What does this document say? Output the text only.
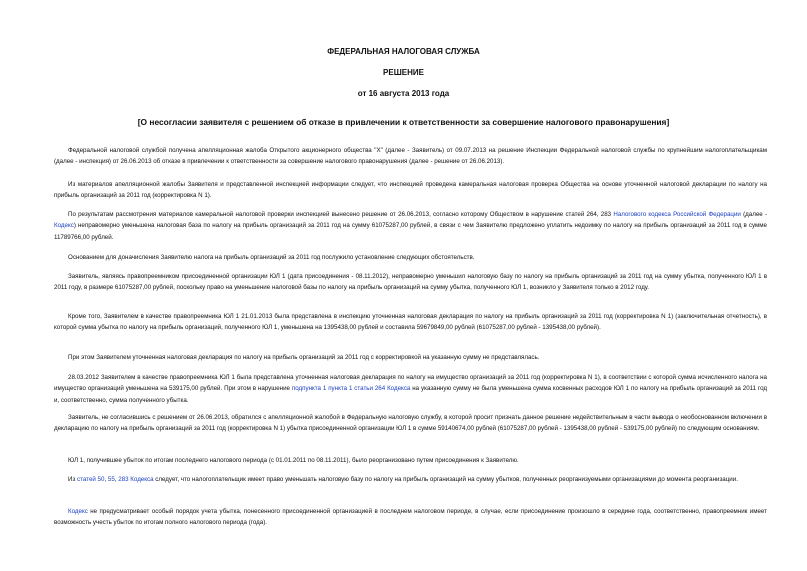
ФЕДЕРАЛЬНАЯ НАЛОГОВАЯ СЛУЖБА
РЕШЕНИЕ
от 16 августа 2013 года
[О несогласии заявителя с решением об отказе в привлечении к ответственности за совершение налогового правонарушения]

Федеральной налоговой службой получена апелляционная жалоба Открытого акционерного общества "Х" (далее - Заявитель) от 09.07.2013 на решение Инспекции Федеральной налоговой службы по крупнейшим налогоплательщикам (далее - инспекция) от 26.06.2013 об отказе в привлечении к ответственности за совершение налогового правонарушения (далее - решение от 26.06.2013).

Из материалов апелляционной жалобы Заявителя и представленной инспекцией информации следует, что инспекцией проведена камеральная налоговая проверка Общества на основе уточненной налоговой декларации по налогу на прибыль организаций за 2011 год (корректировка N 1).

По результатам рассмотрения материалов камеральной налоговой проверки инспекцией вынесено решение от 26.06.2013, согласно которому Обществом в нарушение статей 264, 283 Налогового кодекса Российской Федерации (далее - Кодекс) неправомерно уменьшена налоговая база по налогу на прибыль организаций за 2011 год на сумму 61075287,00 рублей, в связи с чем Заявителю предложено уплатить недоимку по налогу на прибыль организаций за 2011 год в сумме 11789766,00 рублей.

Основанием для доначисления Заявителю налога на прибыль организаций за 2011 год послужило установление следующих обстоятельств.

Заявитель, являясь правопреемником присоединенной организации ЮЛ 1 (дата присоединения - 08.11.2012), неправомерно уменьшил налоговую базу по налогу на прибыль организаций за 2011 год на сумму убытка, полученного ЮЛ 1 в 2011 году, в размере 61075287,00 рублей, поскольку право на уменьшение налоговой базы по налогу на прибыль организаций на сумму убытка, полученного ЮЛ 1, возникло у Заявителя только в 2012 году.

Кроме того, Заявителем в качестве правопреемника ЮЛ 1 21.01.2013 была представлена в инспекцию уточненная налоговая декларация по налогу на прибыль организаций за 2011 год (корректировка N 1) (заключительная отчетность), в которой сумма убытка по налогу на прибыль организаций, полученного ЮЛ 1, уменьшена на 1395438,00 рублей и составила 59679849,00 рублей (61075287,00 рублей - 1395438,00 рублей).

При этом Заявителем уточненная налоговая декларация по налогу на прибыль организаций за 2011 год с корректировкой на указанную сумму не представлялась.

28.03.2012 Заявителем в качестве правопреемника ЮЛ 1 была представлена уточненная налоговая декларация по налогу на имущество организаций за 2011 год (корректировка N 1), в соответствии с которой сумма исчисленного налога на имущество организаций уменьшена на 539175,00 рублей. При этом в нарушение подпункта 1 пункта 1 статьи 264 Кодекса на указанную сумму не была уменьшена сумма косвенных расходов ЮЛ 1 по налогу на прибыль организаций за 2011 год и, соответственно, сумма полученного убытка.

Заявитель, не согласившись с решением от 26.06.2013, обратился с апелляционной жалобой в Федеральную налоговую службу, в которой просит признать данное решение недействительным в части вывода о необоснованном включении в декларацию по налогу на прибыль организаций за 2011 год (корректировка N 1) убытка присоединенной организации ЮЛ 1 в сумме 59140674,00 рублей (61075287,00 рублей - 1395438,00 рублей - 539175,00 рублей) по следующим основаниям.

ЮЛ 1, получившее убыток по итогам последнего налогового периода (с 01.01.2011 по 08.11.2011), было реорганизовано путем присоединения к Заявителю.

Из статей 50, 55, 283 Кодекса следует, что налогоплательщик имеет право уменьшать налоговую базу по налогу на прибыль организаций на сумму убытков, полученных реорганизуемыми организациями до момента реорганизации.

Кодекс не предусматривает особый порядок учета убытка, понесенного присоединенной организацией в последнем налоговом периоде, в случае, если присоединение произошло в середине года, соответственно, правопреемник имеет возможность учесть убыток по итогам полного налогового периода (года).
